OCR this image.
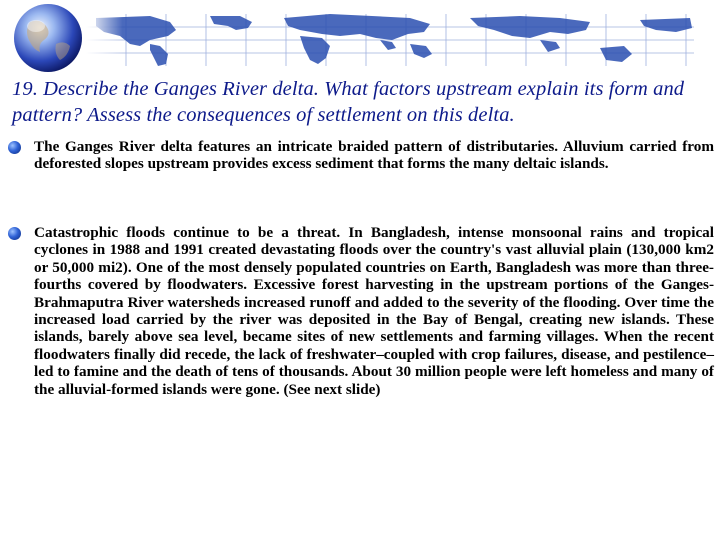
19. Describe the Ganges River delta. What factors upstream explain its form and pattern? Assess the consequences of settlement on this delta.

The Ganges River delta features an intricate braided pattern of distributaries. Alluvium carried from deforested slopes upstream provides excess sediment that forms the many deltaic islands.

Catastrophic floods continue to be a threat. In Bangladesh, intense monsoonal rains and tropical cyclones in 1988 and 1991 created devastating floods over the country's vast alluvial plain (130,000 km2 or 50,000 mi2). One of the most densely populated countries on Earth, Bangladesh was more than three-fourths covered by floodwaters. Excessive forest harvesting in the upstream portions of the Ganges-Brahmaputra River watersheds increased runoff and added to the severity of the flooding. Over time the increased load carried by the river was deposited in the Bay of Bengal, creating new islands. These islands, barely above sea level, became sites of new settlements and farming villages. When the recent floodwaters finally did recede, the lack of freshwater–coupled with crop failures, disease, and pestilence–led to famine and the death of tens of thousands. About 30 million people were left homeless and many of the alluvial-formed islands were gone. (See next slide)
